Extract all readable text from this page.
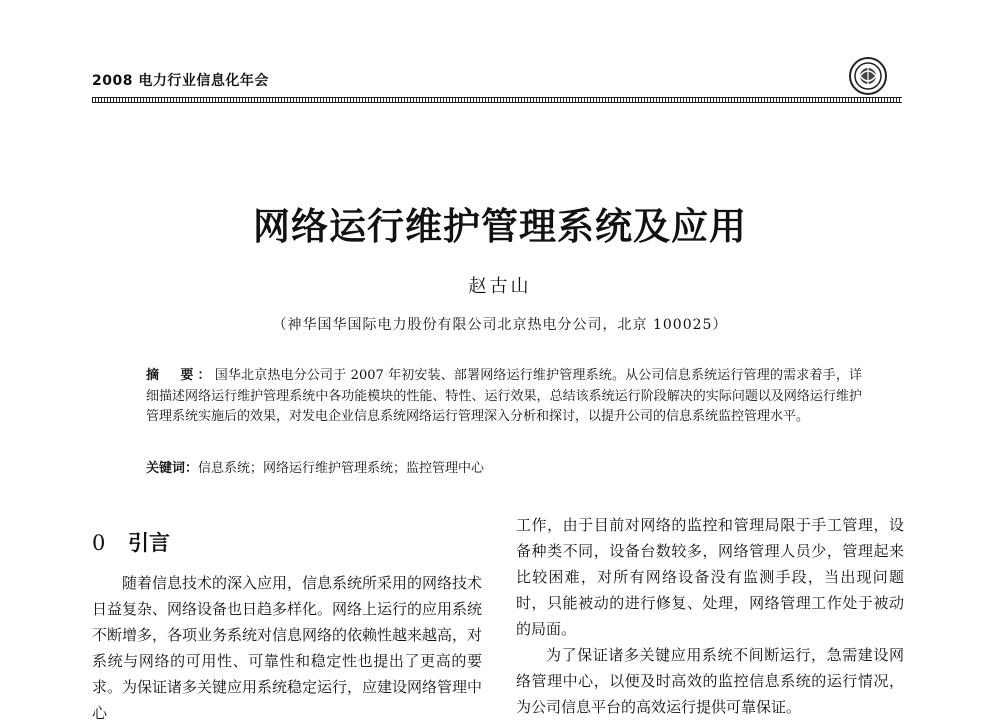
2008 电力行业信息化年会
网络运行维护管理系统及应用
赵古山
（神华国华国际电力股份有限公司北京热电分公司，北京 100025）
摘　要：国华北京热电分公司于 2007 年初安装、部署网络运行维护管理系统。从公司信息系统运行管理的需求着手，详细描述网络运行维护管理系统中各功能模块的性能、特性、运行效果，总结该系统运行阶段解决的实际问题以及网络运行维护管理系统实施后的效果，对发电企业信息系统网络运行管理深入分析和探讨，以提升公司的信息系统监控管理水平。
关键词：信息系统；网络运行维护管理系统；监控管理中心
0 引言

随着信息技术的深入应用，信息系统所采用的网络技术日益复杂、网络设备也日趋多样化。网络上运行的应用系统不断增多，各项业务系统对信息网络的依赖性越来越高，对系统与网络的可用性、可靠性和稳定性也提出了更高的要求。为保证诸多关键应用系统稳定运行，应建设网络管理中心

工作，由于目前对网络的监控和管理局限于手工管理，设备种类不同，设备台数较多，网络管理人员少，管理起来比较困难，对所有网络设备没有监测手段，当出现问题时，只能被动的进行修复、处理，网络管理工作处于被动的局面。

为了保证诸多关键应用系统不间断运行，急需建设网络管理中心，以便及时高效的监控信息系统的运行情况，为公司信息平台的高效运行提供可靠保证。
